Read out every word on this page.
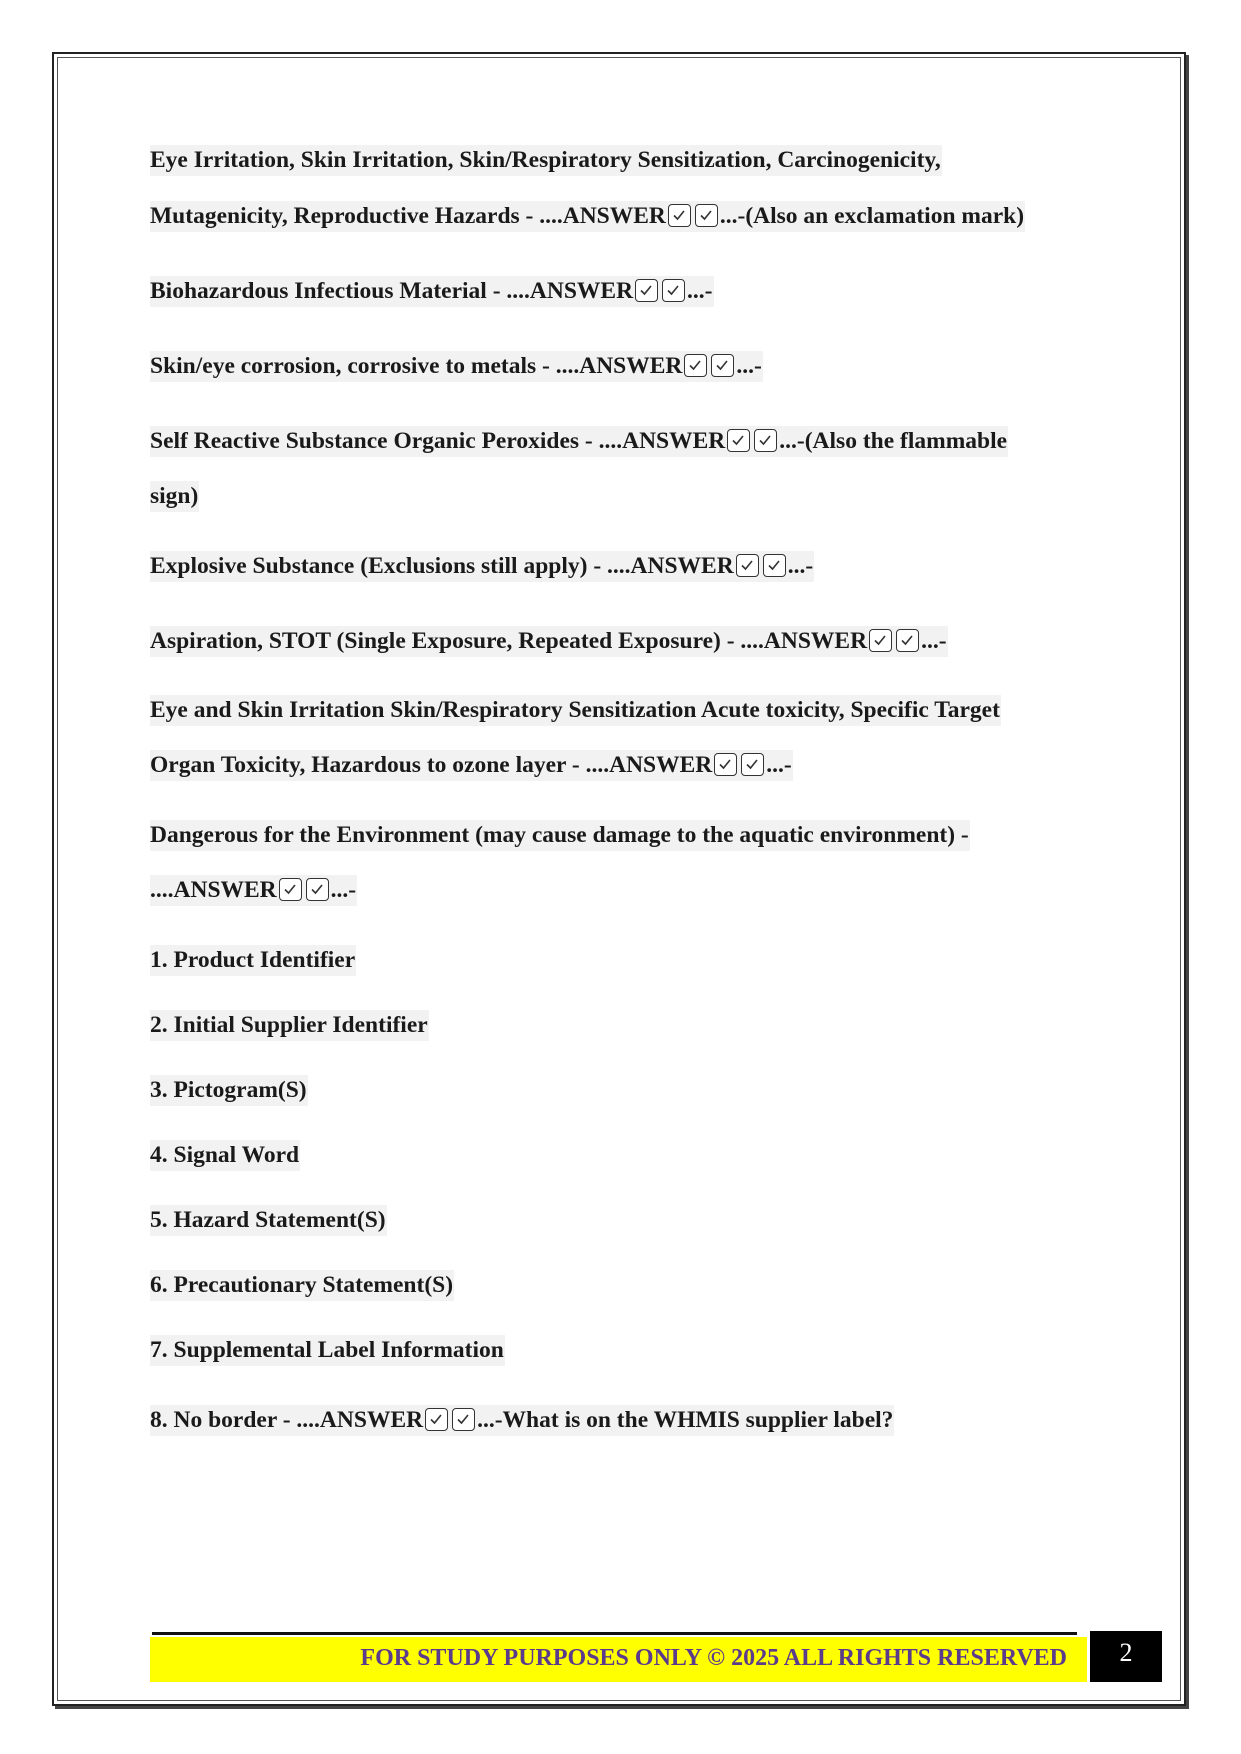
Eye Irritation, Skin Irritation, Skin/Respiratory Sensitization, Carcinogenicity,
Mutagenicity, Reproductive Hazards - ....ANSWER ...-(Also an exclamation mark)
Biohazardous Infectious Material - ....ANSWER ...-
Skin/eye corrosion, corrosive to metals - ....ANSWER ...-
Self Reactive Substance Organic Peroxides - ....ANSWER ...-(Also the flammable
sign)
Explosive Substance (Exclusions still apply) - ....ANSWER ...-
Aspiration, STOT (Single Exposure, Repeated Exposure) - ....ANSWER ...-
Eye and Skin Irritation Skin/Respiratory Sensitization Acute toxicity, Specific Target
Organ Toxicity, Hazardous to ozone layer - ....ANSWER ...-
Dangerous for the Environment (may cause damage to the aquatic environment) -
....ANSWER ...-
1. Product Identifier
2. Initial Supplier Identifier
3. Pictogram(S)
4. Signal Word
5. Hazard Statement(S)
6. Precautionary Statement(S)
7. Supplemental Label Information
8. No border - ....ANSWER ...-What is on the WHMIS supplier label?
FOR STUDY PURPOSES ONLY © 2025 ALL RIGHTS RESERVED	2
